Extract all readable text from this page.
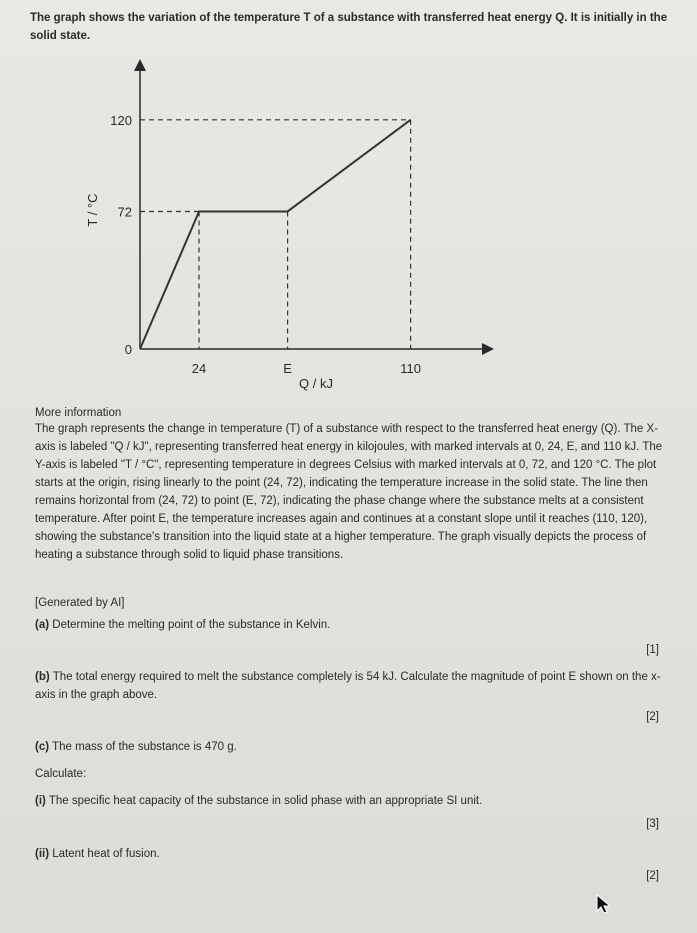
The graph shows the variation of the temperature T of a substance with transferred heat energy Q. It is initially in the solid state.
0
72
120
24	E	110
T / °C
Q / kJ
More information
The graph represents the change in temperature (T) of a substance with respect to the transferred heat energy (Q). The X-axis is labeled "Q / kJ", representing transferred heat energy in kilojoules, with marked intervals at 0, 24, E, and 110 kJ. The Y-axis is labeled "T / °C", representing temperature in degrees Celsius with marked intervals at 0, 72, and 120 °C. The plot starts at the origin, rising linearly to the point (24, 72), indicating the temperature increase in the solid state. The line then remains horizontal from (24, 72) to point (E, 72), indicating the phase change where the substance melts at a consistent temperature. After point E, the temperature increases again and continues at a constant slope until it reaches (110, 120), showing the substance's transition into the liquid state at a higher temperature. The graph visually depicts the process of heating a substance through solid to liquid phase transitions.
[Generated by AI]
(a) Determine the melting point of the substance in Kelvin.
[1]
(b) The total energy required to melt the substance completely is 54 kJ. Calculate the magnitude of point E shown on the x-axis in the graph above.
[2]
(c) The mass of the substance is 470 g.
Calculate:
(i) The specific heat capacity of the substance in solid phase with an appropriate SI unit.
[3]
(ii) Latent heat of fusion.
[2]
